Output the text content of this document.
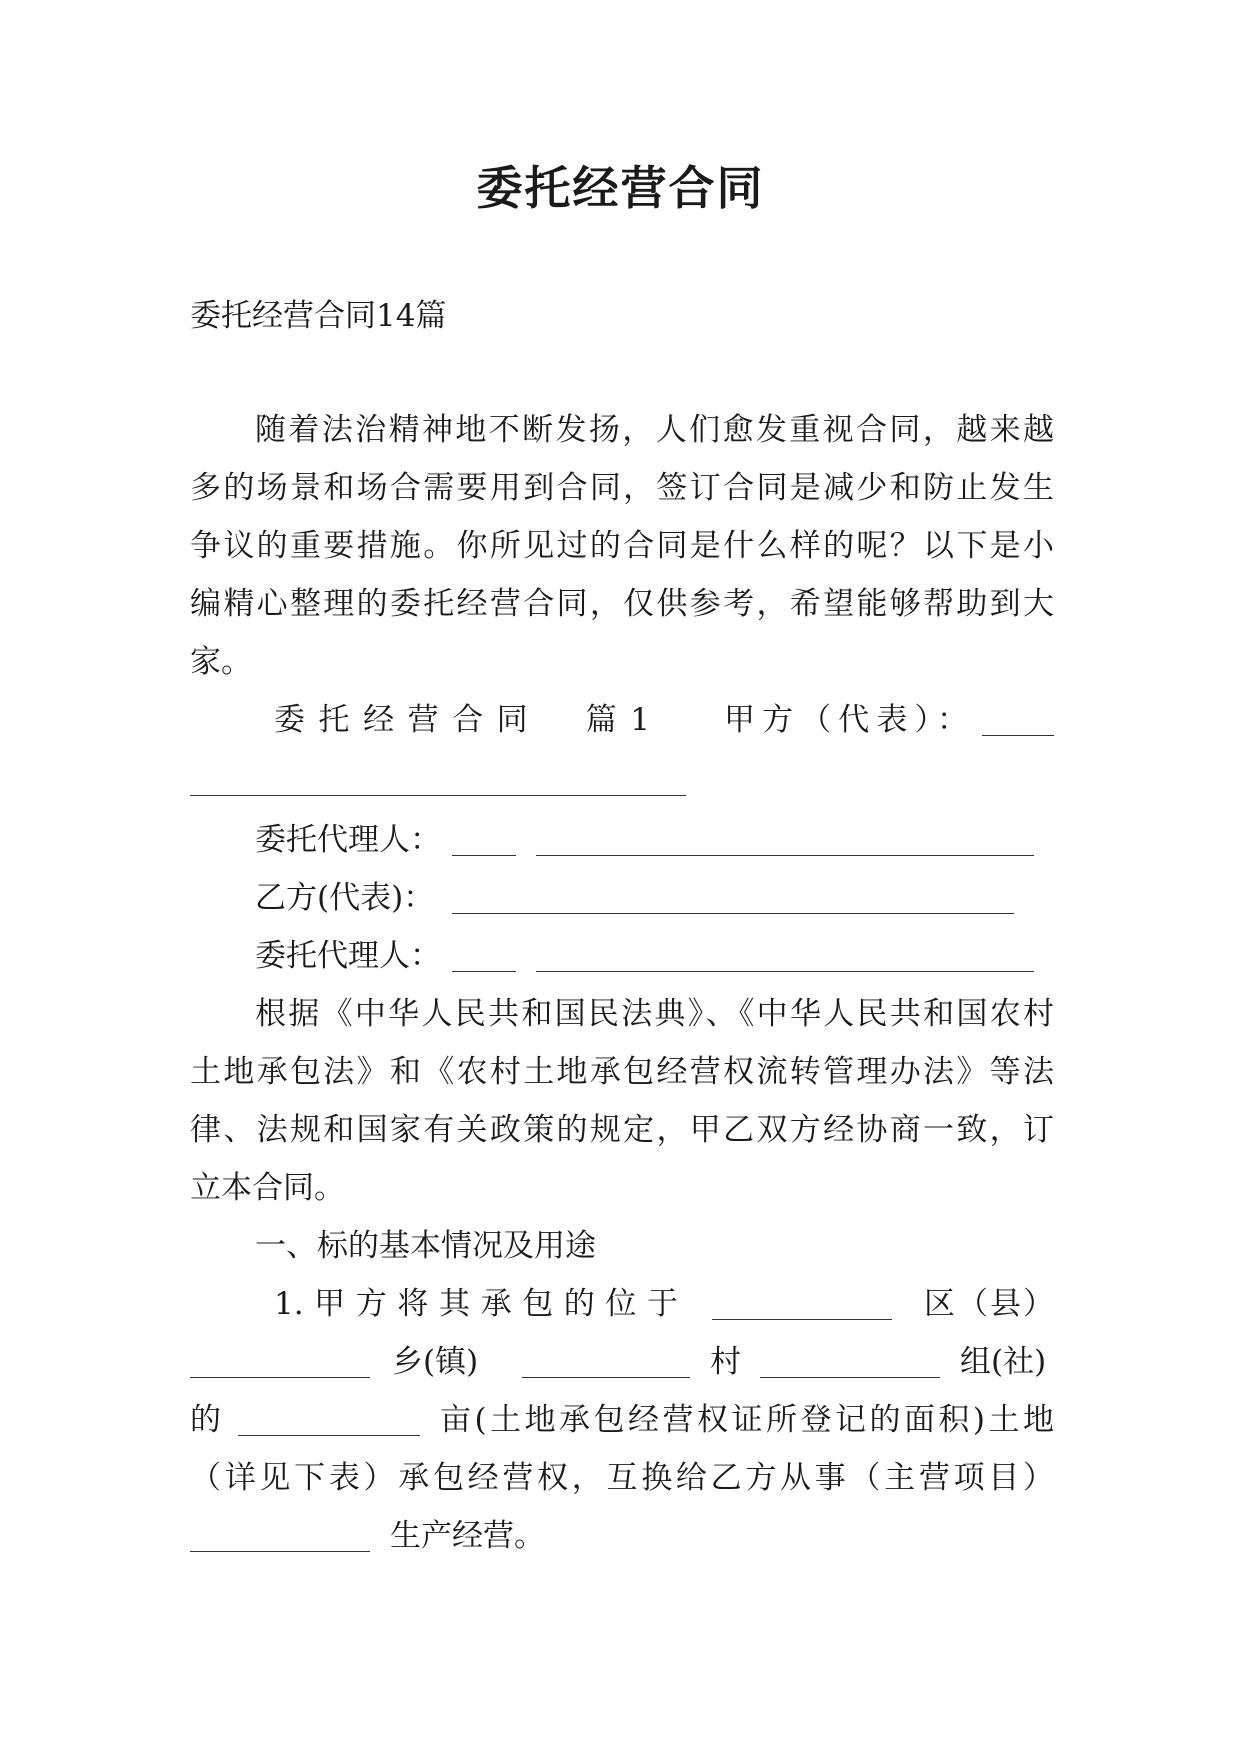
委托经营合同
委托经营合同14篇
随着法治精神地不断发扬，人们愈发重视合同，越来越
多的场景和场合需要用到合同，签订合同是减少和防止发生
争议的重要措施。你所见过的合同是什么样的呢？以下是小
编精心整理的委托经营合同，仅供参考，希望能够帮助到大
家。
委托经营合同　篇1 甲方（代表）：
委托代理人：
乙方(代表)：
委托代理人：
根据《中华人民共和国民法典》、《中华人民共和国农村
土地承包法》和《农村土地承包经营权流转管理办法》等法
律、法规和国家有关政策的规定，甲乙双方经协商一致，订
立本合同。
一、标的基本情况及用途
1.甲方将其承包的位于	区（县）
乡(镇)	村	组(社)
的	亩(土地承包经营权证所登记的面积)土地
（详见下表）承包经营权，互换给乙方从事（主营项目）
生产经营。
